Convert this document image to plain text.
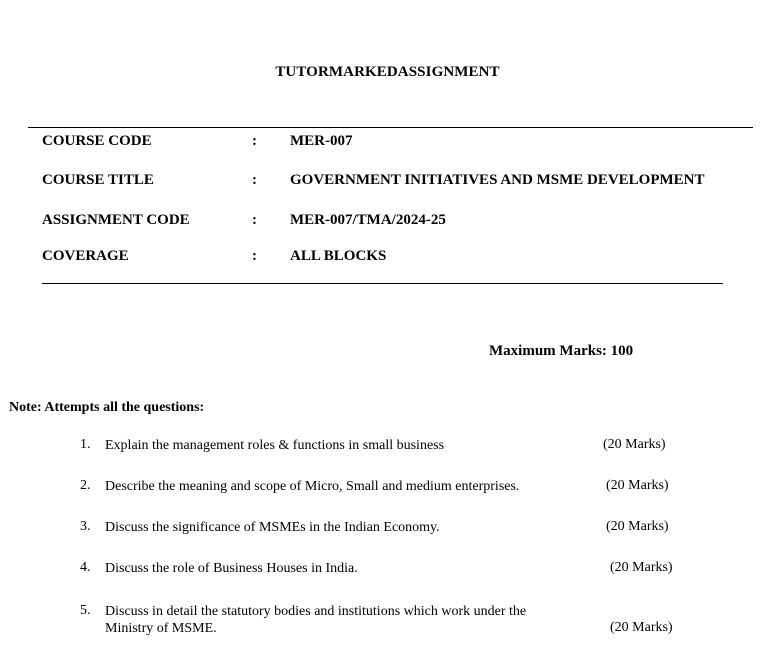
TUTORMARKEDASSIGNMENT
COURSE CODE	: MER-007
COURSE TITLE	: GOVERNMENT INITIATIVES AND MSME DEVELOPMENT
ASSIGNMENT CODE	: MER-007/TMA/2024-25
COVERAGE	: ALL BLOCKS
Maximum Marks: 100
Note: Attempts all the questions:
1. Explain the management roles & functions in small business	(20 Marks)
2. Describe the meaning and scope of Micro, Small and medium enterprises.	(20 Marks)
3. Discuss the significance of MSMEs in the Indian Economy.	(20 Marks)
4. Discuss the role of Business Houses in India.	(20 Marks)
5. Discuss in detail the statutory bodies and institutions which work under the
Ministry of MSME.	(20 Marks)
